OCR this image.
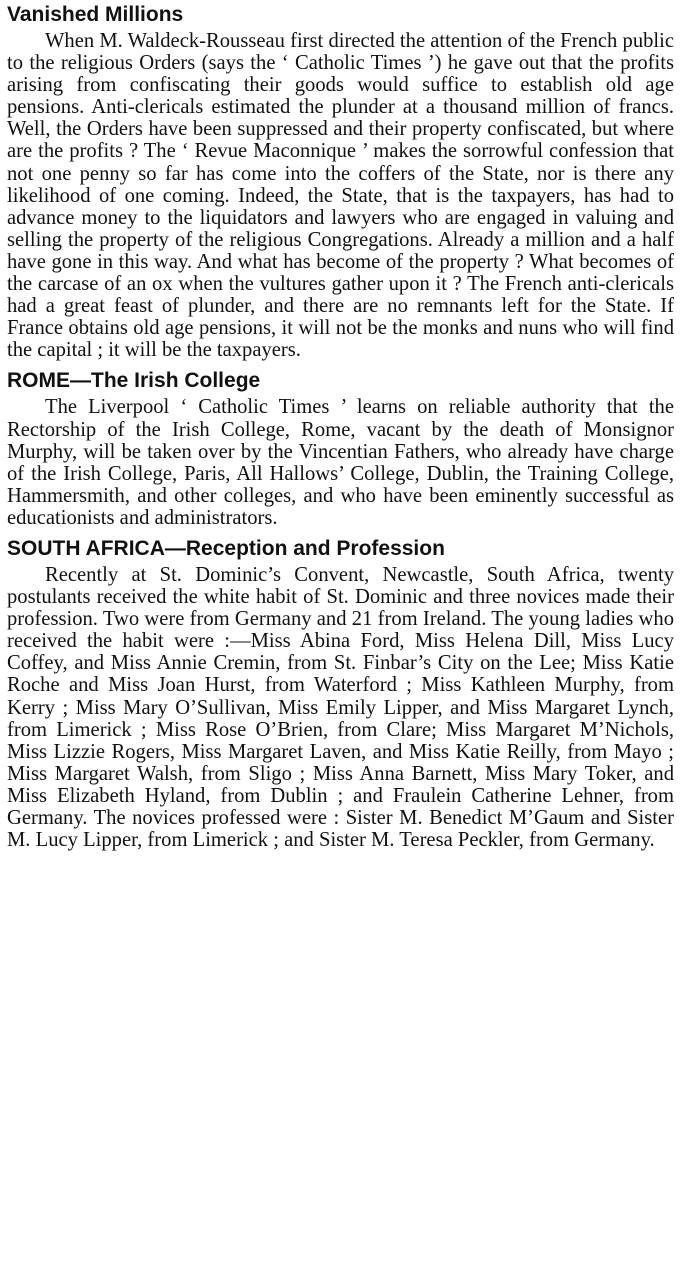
Vanished Millions

When M. Waldeck-Rousseau first directed the attention of the French public to the religious Orders (says the ‘ Catholic Times ’) he gave out that the profits arising from confiscating their goods would suffice to establish old age pensions. Anti-clericals estimated the plunder at a thousand million of francs. Well, the Orders have been suppressed and their property confiscated, but where are the profits ? The ‘ Revue Maconnique ’ makes the sorrowful confession that not one penny so far has come into the coffers of the State, nor is there any likelihood of one coming. Indeed, the State, that is the taxpayers, has had to advance money to the liquidators and lawyers who are engaged in valuing and selling the property of the religious Congregations. Already a million and a half have gone in this way. And what has become of the property ? What becomes of the carcase of an ox when the vultures gather upon it ? The French anti-clericals had a great feast of plunder, and there are no remnants left for the State. If France obtains old age pensions, it will not be the monks and nuns who will find the capital ; it will be the taxpayers.

ROME—The Irish College

The Liverpool ‘ Catholic Times ’ learns on reliable authority that the Rectorship of the Irish College, Rome, vacant by the death of Monsignor Murphy, will be taken over by the Vincentian Fathers, who already have charge of the Irish College, Paris, All Hallows’ College, Dublin, the Training College, Hammersmith, and other colleges, and who have been eminently successful as educationists and administrators.

SOUTH AFRICA—Reception and Profession

Recently at St. Dominic’s Convent, Newcastle, South Africa, twenty postulants received the white habit of St. Dominic and three novices made their profession. Two were from Germany and 21 from Ireland. The young ladies who received the habit were :—Miss Abina Ford, Miss Helena Dill, Miss Lucy Coffey, and Miss Annie Cremin, from St. Finbar’s City on the Lee; Miss Katie Roche and Miss Joan Hurst, from Waterford ; Miss Kathleen Murphy, from Kerry ; Miss Mary O’Sullivan, Miss Emily Lipper, and Miss Margaret Lynch, from Limerick ; Miss Rose O’Brien, from Clare; Miss Margaret M’Nichols, Miss Lizzie Rogers, Miss Margaret Laven, and Miss Katie Reilly, from Mayo ; Miss Margaret Walsh, from Sligo ; Miss Anna Barnett, Miss Mary Toker, and Miss Elizabeth Hyland, from Dublin ; and Fraulein Catherine Lehner, from Germany. The novices professed were : Sister M. Benedict M’Gaum and Sister M. Lucy Lipper, from Limerick ; and Sister M. Teresa Peckler, from Germany.
